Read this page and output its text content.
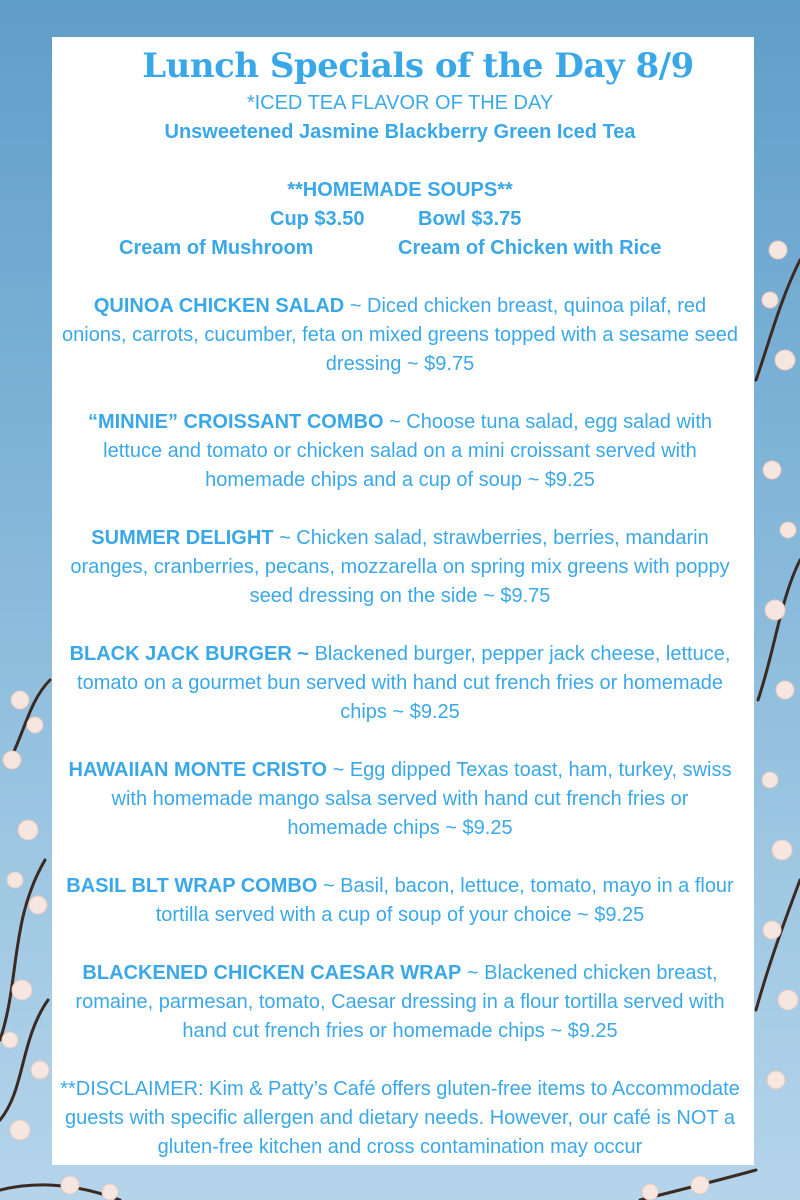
Lunch Specials of the Day 8/9
*ICED TEA FLAVOR OF THE DAY
Unsweetened Jasmine Blackberry Green Iced Tea
**HOMEMADE SOUPS**
Cup $3.50	Bowl $3.75
Cream of Mushroom	Cream of Chicken with Rice
QUINOA CHICKEN SALAD ~ Diced chicken breast, quinoa pilaf, red onions, carrots, cucumber, feta on mixed greens topped with a sesame seed dressing ~ $9.75
“MINNIE” CROISSANT COMBO ~ Choose tuna salad, egg salad with lettuce and tomato or chicken salad on a mini croissant served with homemade chips and a cup of soup ~ $9.25
SUMMER DELIGHT ~ Chicken salad, strawberries, berries, mandarin oranges, cranberries, pecans, mozzarella on spring mix greens with poppy seed dressing on the side ~ $9.75
BLACK JACK BURGER ~ Blackened burger, pepper jack cheese, lettuce, tomato on a gourmet bun served with hand cut french fries or homemade chips ~ $9.25
HAWAIIAN MONTE CRISTO ~ Egg dipped Texas toast, ham, turkey, swiss with homemade mango salsa served with hand cut french fries or homemade chips ~ $9.25
BASIL BLT WRAP COMBO ~ Basil, bacon, lettuce, tomato, mayo in a flour tortilla served with a cup of soup of your choice ~ $9.25
BLACKENED CHICKEN CAESAR WRAP ~ Blackened chicken breast, romaine, parmesan, tomato, Caesar dressing in a flour tortilla served with hand cut french fries or homemade chips ~ $9.25
**DISCLAIMER: Kim & Patty’s Café offers gluten-free items to Accommodate guests with specific allergen and dietary needs. However, our café is NOT a gluten-free kitchen and cross contamination may occur
